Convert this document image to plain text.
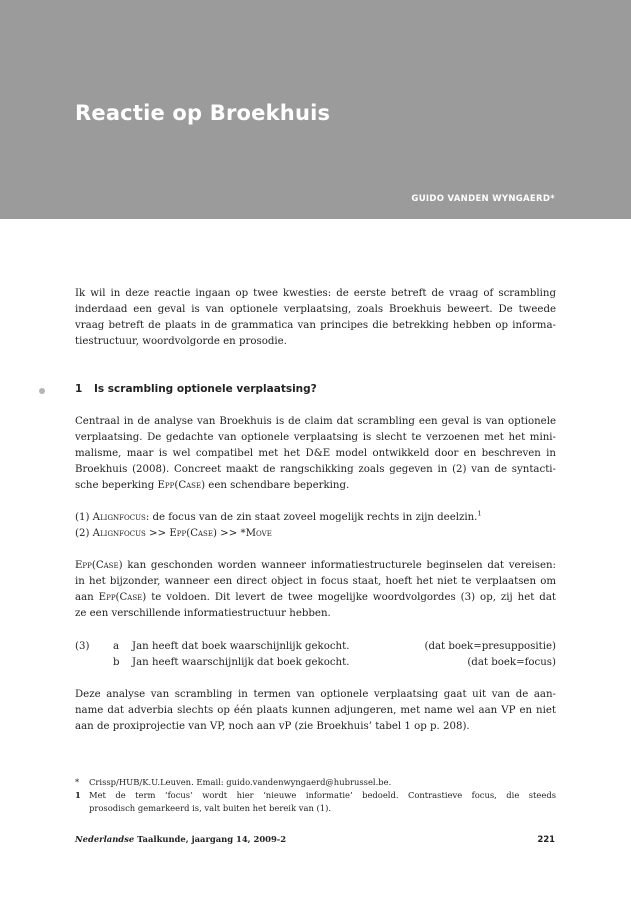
Reactie op Broekhuis
GUIDO VANDEN WYNGAERD*
Ik wil in deze reactie ingaan op twee kwesties: de eerste betreft de vraag of scrambling
inderdaad een geval is van optionele verplaatsing, zoals Broekhuis beweert. De tweede
vraag betreft de plaats in de grammatica van principes die betrekking hebben op informa-
tiestructuur, woordvolgorde en prosodie.
1 Is scrambling optionele verplaatsing?
Centraal in de analyse van Broekhuis is de claim dat scrambling een geval is van optionele
verplaatsing. De gedachte van optionele verplaatsing is slecht te verzoenen met het mini-
malisme, maar is wel compatibel met het D&E model ontwikkeld door en beschreven in
Broekhuis (2008). Concreet maakt de rangschikking zoals gegeven in (2) van de syntacti-
sche beperking Epp(Case) een schendbare beperking.
(1) Alignfocus: de focus van de zin staat zoveel mogelijk rechts in zijn deelzin.$^1$
(2) Alignfocus >> Epp(Case) >> *Move
Epp(Case) kan geschonden worden wanneer informatiestructurele beginselen dat vereisen:
in het bijzonder, wanneer een direct object in focus staat, hoeft het niet te verplaatsen om
aan Epp(Case) te voldoen. Dit levert de twee mogelijke woordvolgordes (3) op, zij het dat
ze een verschillende informatiestructuur hebben.
(3) a Jan heeft dat boek waarschijnlijk gekocht.	(dat boek=presuppositie)
b Jan heeft waarschijnlijk dat boek gekocht.	(dat boek=focus)
Deze analyse van scrambling in termen van optionele verplaatsing gaat uit van de aan-
name dat adverbia slechts op één plaats kunnen adjungeren, met name wel aan VP en niet
aan de proxiprojectie van VP, noch aan vP (zie Broekhuis’ tabel 1 op p. 208).
* Crissp/HUB/K.U.Leuven. Email: guido.vandenwyngaerd@hubrussel.be.
1 Met de term ‘focus’ wordt hier ‘nieuwe informatie’ bedoeld. Contrastieve focus, die steeds
prosodisch gemarkeerd is, valt buiten het bereik van (1).
Nederlandse Taalkunde, jaargang 14, 2009-2	221
